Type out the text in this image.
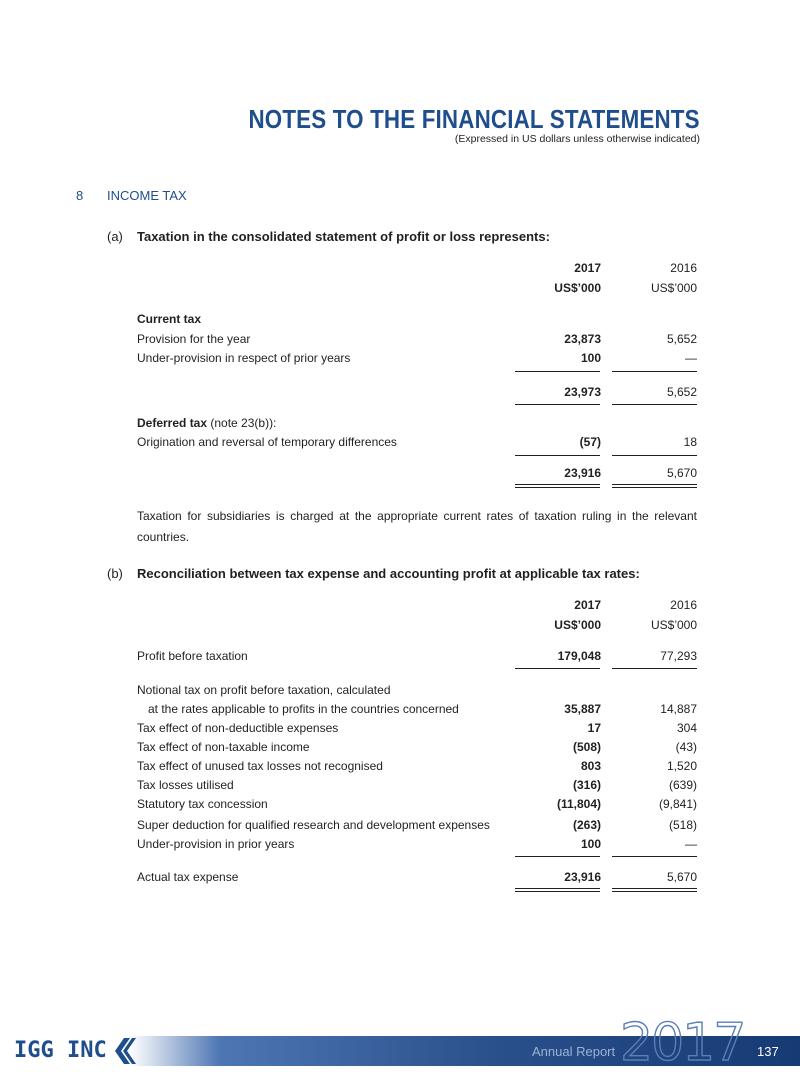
NOTES TO THE FINANCIAL STATEMENTS
(Expressed in US dollars unless otherwise indicated)
8 INCOME TAX
(a) Taxation in the consolidated statement of profit or loss represents:
2017	2016
US$’000	US$’000
Current tax
Provision for the year	23,873	5,652
Under-provision in respect of prior years	100	—
23,973	5,652
Deferred tax (note 23(b)):
Origination and reversal of temporary differences	(57)	18
23,916	5,670
Taxation for subsidiaries is charged at the appropriate current rates of taxation ruling in the relevant countries.
(b) Reconciliation between tax expense and accounting profit at applicable tax rates:
2017	2016
US$’000	US$’000
Profit before taxation	179,048	77,293
Notional tax on profit before taxation, calculated
at the rates applicable to profits in the countries concerned	35,887	14,887
Tax effect of non-deductible expenses	17	304
Tax effect of non-taxable income	(508)	(43)
Tax effect of unused tax losses not recognised	803	1,520
Tax losses utilised	(316)	(639)
Statutory tax concession	(11,804)	(9,841)
Super deduction for qualified research and development expenses	(263)	(518)
Under-provision in prior years	100	—
Actual tax expense	23,916	5,670
IGG INC	Annual Report 2017 137
